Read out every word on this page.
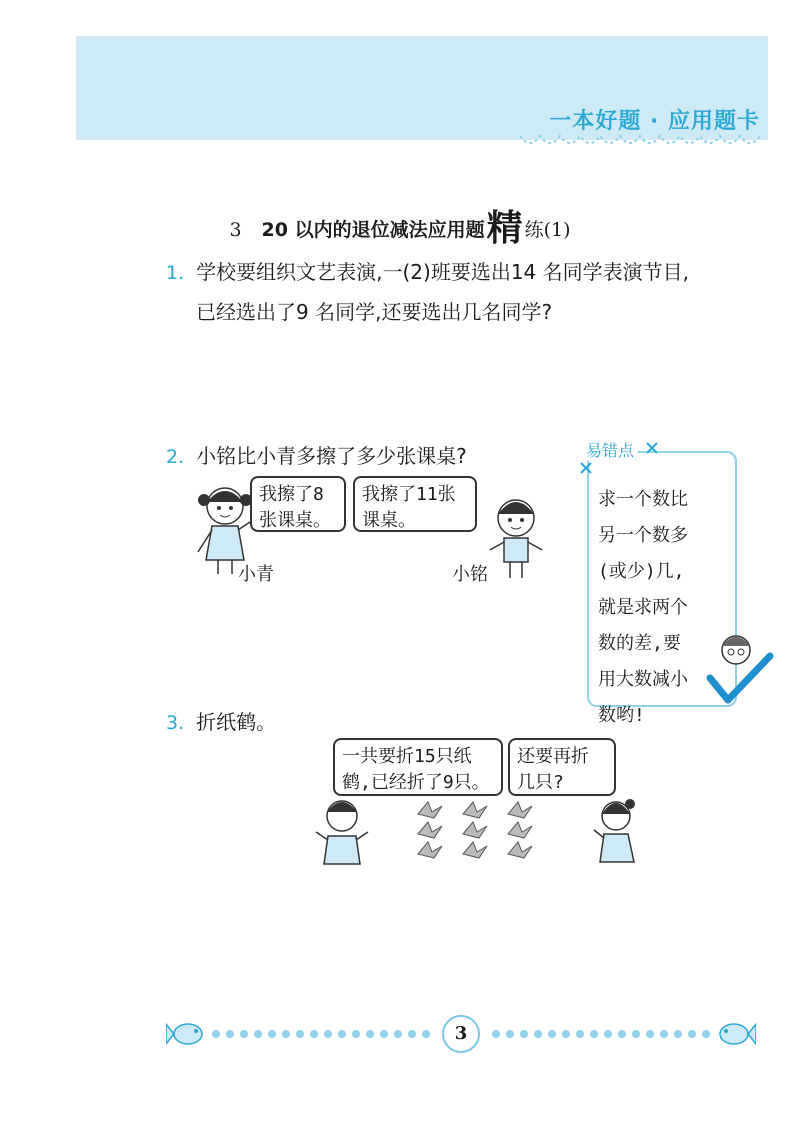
一本好题 · 应用题卡
3 20 以内的退位减法应用题精 练(1)
1. 学校要组织文艺表演,一(2)班要选出14 名同学表演节目,
已经选出了9 名同学,还要选出几名同学?
2. 小铭比小青多擦了多少张课桌?
我擦了8
张课桌。
我擦了11张
课桌。
小青	小铭
易错点
求一个数比
另一个数多
(或少)几,
就是求两个
数的差,要
用大数减小
数哟!
3. 折纸鹤。
一共要折15只纸
鹤,已经折了9只。
还要再折
几只?
3
